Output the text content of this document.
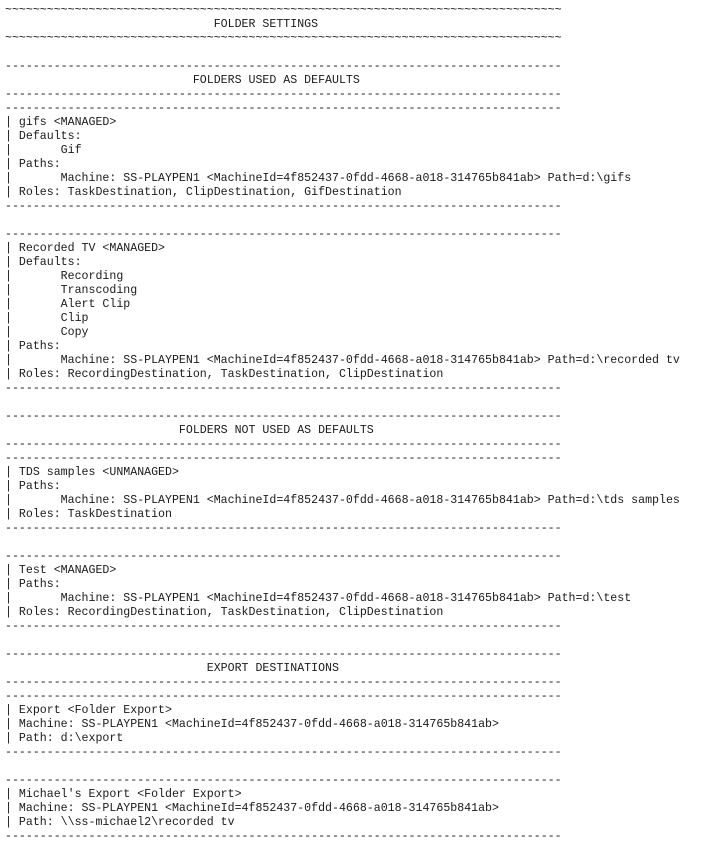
~~~~~~~~~~~~~~~~~~~~~~~~~~~~~~~~~~~~~~~~~~~~~~~~~~~~~~~~~~~~~~~~~~~~~~~~~~~~~~~~
FOLDER SETTINGS
~~~~~~~~~~~~~~~~~~~~~~~~~~~~~~~~~~~~~~~~~~~~~~~~~~~~~~~~~~~~~~~~~~~~~~~~~~~~~~~~
--------------------------------------------------------------------------------
FOLDERS USED AS DEFAULTS
--------------------------------------------------------------------------------
--------------------------------------------------------------------------------
| gifs <MANAGED>
| Defaults:
|       Gif
| Paths:
|       Machine: SS-PLAYPEN1 <MachineId=4f852437-0fdd-4668-a018-314765b841ab> Path=d:\gifs
| Roles: TaskDestination, ClipDestination, GifDestination
--------------------------------------------------------------------------------
--------------------------------------------------------------------------------
| Recorded TV <MANAGED>
| Defaults:
|       Recording
|       Transcoding
|       Alert Clip
|       Clip
|       Copy
| Paths:
|       Machine: SS-PLAYPEN1 <MachineId=4f852437-0fdd-4668-a018-314765b841ab> Path=d:\recorded tv
| Roles: RecordingDestination, TaskDestination, ClipDestination
--------------------------------------------------------------------------------
--------------------------------------------------------------------------------
FOLDERS NOT USED AS DEFAULTS
--------------------------------------------------------------------------------
--------------------------------------------------------------------------------
| TDS samples <UNMANAGED>
| Paths:
|       Machine: SS-PLAYPEN1 <MachineId=4f852437-0fdd-4668-a018-314765b841ab> Path=d:\tds samples
| Roles: TaskDestination
--------------------------------------------------------------------------------
--------------------------------------------------------------------------------
| Test <MANAGED>
| Paths:
|       Machine: SS-PLAYPEN1 <MachineId=4f852437-0fdd-4668-a018-314765b841ab> Path=d:\test
| Roles: RecordingDestination, TaskDestination, ClipDestination
--------------------------------------------------------------------------------
--------------------------------------------------------------------------------
EXPORT DESTINATIONS
--------------------------------------------------------------------------------
--------------------------------------------------------------------------------
| Export <Folder Export>
| Machine: SS-PLAYPEN1 <MachineId=4f852437-0fdd-4668-a018-314765b841ab>
| Path: d:\export
--------------------------------------------------------------------------------
--------------------------------------------------------------------------------
| Michael's Export <Folder Export>
| Machine: SS-PLAYPEN1 <MachineId=4f852437-0fdd-4668-a018-314765b841ab>
| Path: \\ss-michael2\recorded tv
--------------------------------------------------------------------------------
